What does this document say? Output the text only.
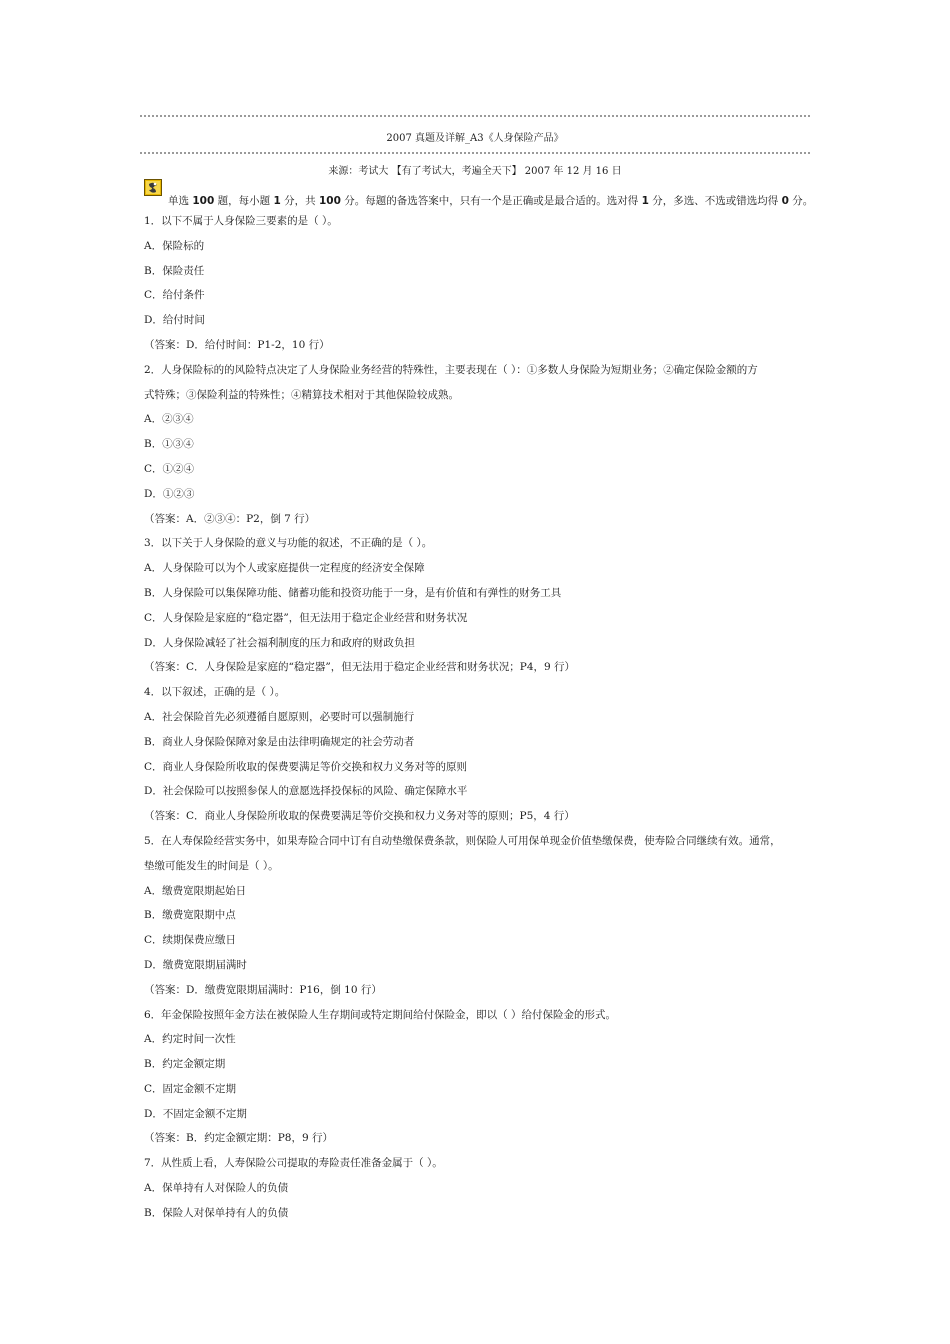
2007 真题及详解_A3《人身保险产品》
来源：考试大 【有了考试大，考遍全天下】 2007 年 12 月 16 日
单选 100 题，每小题 1 分，共 100 分。每题的备选答案中，只有一个是正确或是最合适的。选对得 1 分，多选、不选或错选均得 0 分。
1．以下不属于人身保险三要素的是（ ）。
A．保险标的
B．保险责任
C．给付条件
D．给付时间
（答案：D．给付时间：P1-2，10 行）
2．人身保险标的的风险特点决定了人身保险业务经营的特殊性，主要表现在（ ）：①多数人身保险为短期业务；②确定保险金额的方
式特殊；③保险利益的特殊性；④精算技术相对于其他保险较成熟。
A．②③④
B．①③④
C．①②④
D．①②③
（答案：A．②③④：P2，倒 7 行）
3．以下关于人身保险的意义与功能的叙述，不正确的是（ ）。
A．人身保险可以为个人或家庭提供一定程度的经济安全保障
B．人身保险可以集保障功能、储蓄功能和投资功能于一身，是有价值和有弹性的财务工具
C．人身保险是家庭的“稳定器”，但无法用于稳定企业经营和财务状况
D．人身保险减轻了社会福利制度的压力和政府的财政负担
（答案：C．人身保险是家庭的“稳定器”，但无法用于稳定企业经营和财务状况；P4，9 行）
4．以下叙述，正确的是（ ）。
A．社会保险首先必须遵循自愿原则，必要时可以强制施行
B．商业人身保险保障对象是由法律明确规定的社会劳动者
C．商业人身保险所收取的保费要满足等价交换和权力义务对等的原则
D．社会保险可以按照参保人的意愿选择投保标的风险、确定保障水平
（答案：C．商业人身保险所收取的保费要满足等价交换和权力义务对等的原则；P5，4 行）
5．在人寿保险经营实务中，如果寿险合同中订有自动垫缴保费条款，则保险人可用保单现金价值垫缴保费，使寿险合同继续有效。通常，
垫缴可能发生的时间是（ ）。
A．缴费宽限期起始日
B．缴费宽限期中点
C．续期保费应缴日
D．缴费宽限期届满时
（答案：D．缴费宽限期届满时：P16，倒 10 行）
6．年金保险按照年金方法在被保险人生存期间或特定期间给付保险金，即以（ ）给付保险金的形式。
A．约定时间一次性
B．约定金额定期
C．固定金额不定期
D．不固定金额不定期
（答案：B．约定金额定期：P8，9 行）
7．从性质上看，人寿保险公司提取的寿险责任准备金属于（ ）。
A．保单持有人对保险人的负债
B．保险人对保单持有人的负债
